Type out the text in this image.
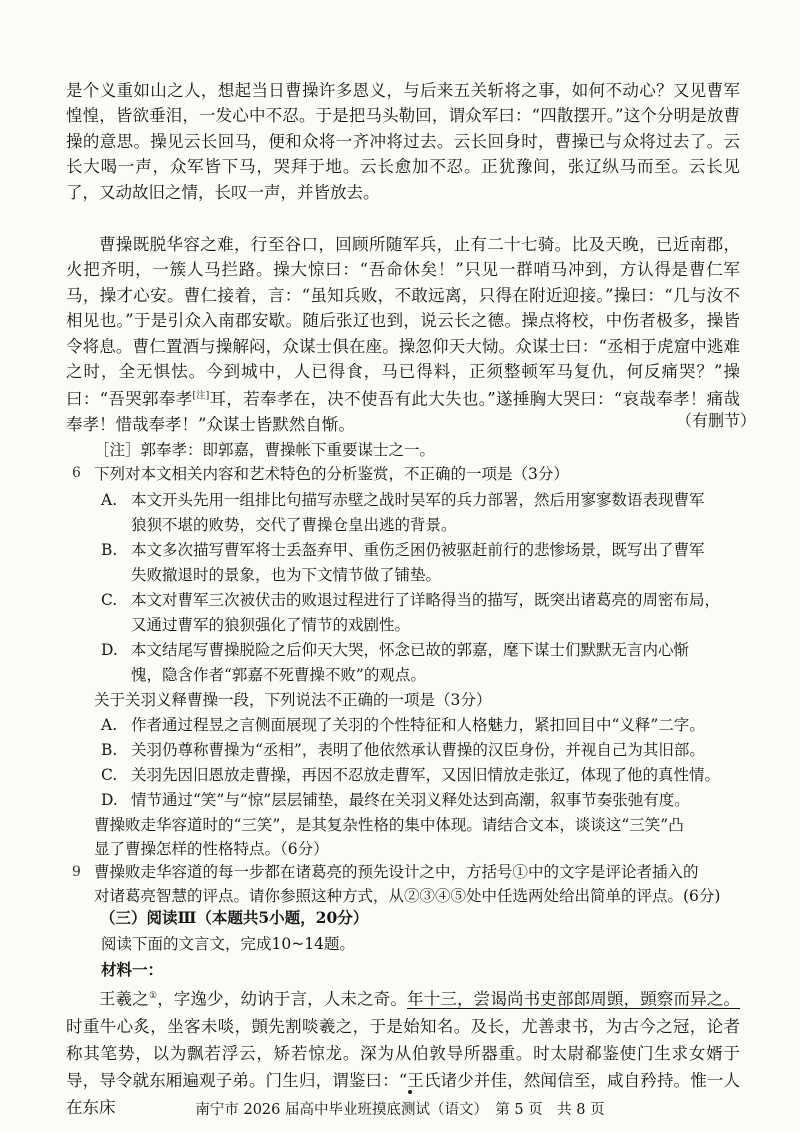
是个义重如山之人，想起当日曹操许多恩义，与后来五关斩将之事，如何不动心？又见曹军惶惶，皆欲垂泪，一发心中不忍。于是把马头勒回，谓众军曰：“四散摆开。”这个分明是放曹操的意思。操见云长回马，便和众将一齐冲将过去。云长回身时，曹操已与众将过去了。云长大喝一声，众军皆下马，哭拜于地。云长愈加不忍。正犹豫间，张辽纵马而至。云长见了，又动故旧之情，长叹一声，并皆放去。

曹操既脱华容之难，行至谷口，回顾所随军兵，止有二十七骑。比及天晚，已近南郡，火把齐明，一簇人马拦路。操大惊曰：“吾命休矣！”只见一群哨马冲到，方认得是曹仁军马，操才心安。曹仁接着，言：“虽知兵败，不敢远离，只得在附近迎接。”操曰：“几与汝不相见也。”于是引众入南郡安歇。随后张辽也到，说云长之德。操点将校，中伤者极多，操皆令将息。曹仁置酒与操解闷，众谋士俱在座。操忽仰天大恸。众谋士曰：“丞相于虎窟中逃难之时，全无惧怯。今到城中，人已得食，马已得料，正须整顿军马复仇，何反痛哭？”操曰：“吾哭郭奉孝[注]耳，若奉孝在，决不使吾有此大失也。”遂捶胸大哭曰：“哀哉奉孝！痛哉奉孝！惜哉奉孝！”众谋士皆默然自惭。	（有删节）
［注］郭奉孝：即郭嘉，曹操帐下重要谋士之一。
6 下列对本文相关内容和艺术特色的分析鉴赏，不正确的一项是（3分）

A. 本文开头先用一组排比句描写赤壁之战时吴军的兵力部署，然后用寥寥数语表现曹军
狼狈不堪的败势，交代了曹操仓皇出逃的背景。
B. 本文多次描写曹军将士丢盔弃甲、重伤乏困仍被驱赶前行的悲惨场景，既写出了曹军
失败撤退时的景象，也为下文情节做了铺垫。
C. 本文对曹军三次被伏击的败退过程进行了详略得当的描写，既突出诸葛亮的周密布局，
又通过曹军的狼狈强化了情节的戏剧性。
D. 本文结尾写曹操脱险之后仰天大哭，怀念已故的郭嘉，麾下谋士们默默无言内心惭
愧，隐含作者“郭嘉不死曹操不败”的观点。

关于关羽义释曹操一段，下列说法不正确的一项是（3分）

A. 作者通过程昱之言侧面展现了关羽的个性特征和人格魅力，紧扣回目中“义释”二字。
B. 关羽仍尊称曹操为“丞相”，表明了他依然承认曹操的汉臣身份，并视自己为其旧部。
C. 关羽先因旧恩放走曹操，再因不忍放走曹军，又因旧情放走张辽，体现了他的真性情。
D. 情节通过“笑”与“惊”层层铺垫，最终在关羽义释处达到高潮，叙事节奏张弛有度。

曹操败走华容道时的“三笑”，是其复杂性格的集中体现。请结合文本，谈谈这“三笑”凸

显了曹操怎样的性格特点。（6分）

9 曹操败走华容道的每一步都在诸葛亮的预先设计之中，方括号①中的文字是评论者插入的

对诸葛亮智慧的评点。请你参照这种方式，从②③④⑤处中任选两处给出简单的评点。(6分)

（三）阅读Ⅲ（本题共5小题，20分）
阅读下面的文言文，完成10~14题。
材料一：

王羲之①，字逸少，幼讷于言，人未之奇。年十三，尝谒尚书吏部郎周顗，顗察而异之。时重牛心炙，坐客未啖，顗先割啖羲之，于是始知名。及长，尤善隶书，为古今之冠，论者称其笔势，以为飘若浮云，矫若惊龙。深为从伯敦导所器重。时太尉郗鉴使门生求女婿于导，导令就东厢遍观子弟。门生归，谓鉴曰：“王氏诸少并佳，然闻信至，咸自矜持。惟一人在东床	南宁市 2026 届高中毕业班摸底测试（语文）　第 5 页　共 8 页
